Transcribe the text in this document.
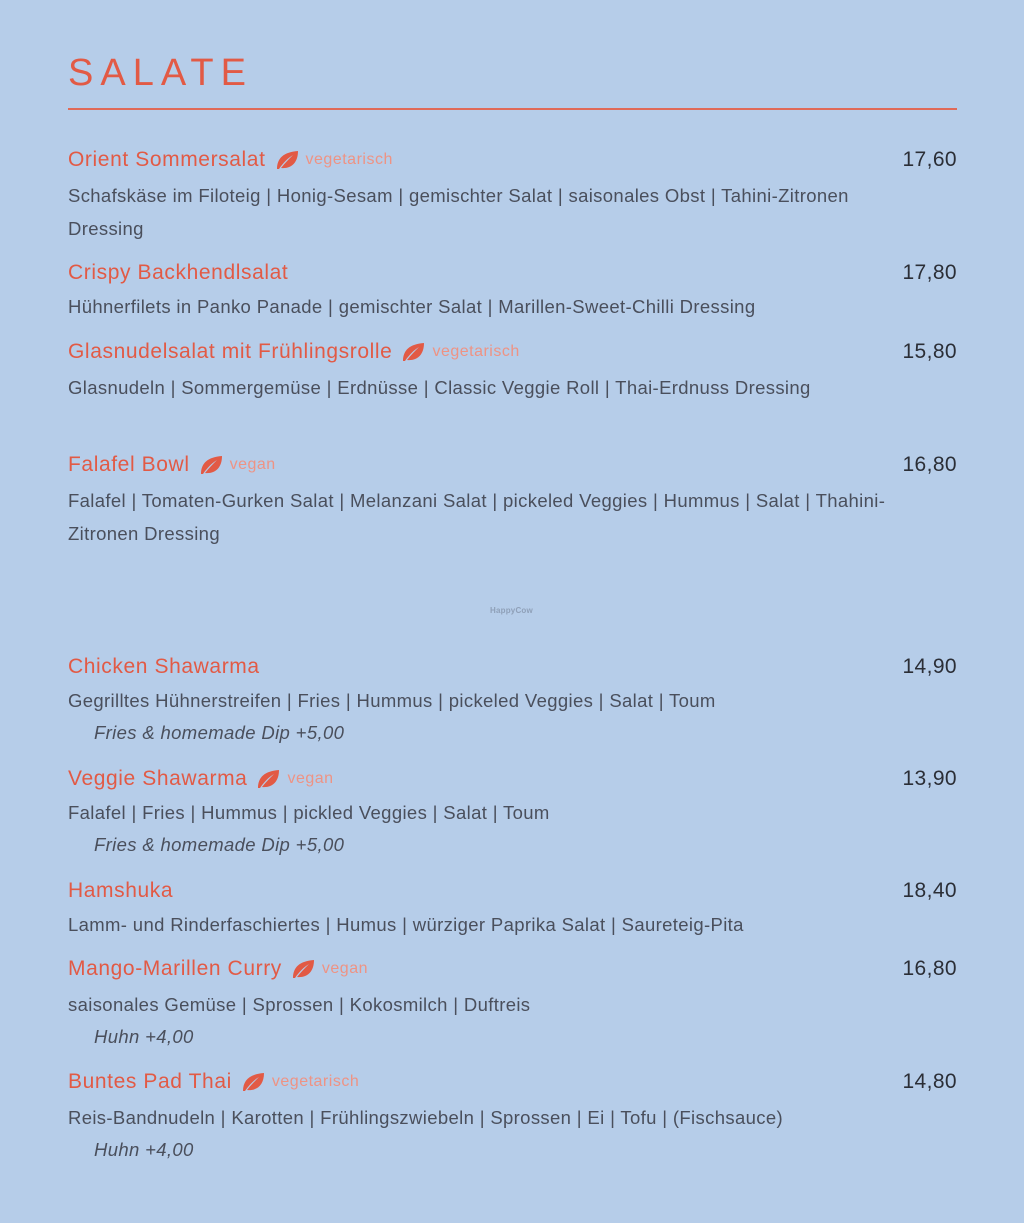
SALATE
Orient Sommersalat	vegetarisch	17,60
Schafskäse im Filoteig | Honig-Sesam | gemischter Salat | saisonales Obst | Tahini-Zitronen Dressing
Crispy Backhendlsalat	17,80
Hühnerfilets in Panko Panade | gemischter Salat | Marillen-Sweet-Chilli Dressing
Glasnudelsalat mit Frühlingsrolle	vegetarisch	15,80
Glasnudeln | Sommergemüse | Erdnüsse | Classic Veggie Roll | Thai-Erdnuss Dressing
Falafel Bowl	vegan	16,80
Falafel | Tomaten-Gurken Salat | Melanzani Salat | pickeled Veggies | Hummus | Salat | Thahini-Zitronen Dressing
HappyCow
Chicken Shawarma	14,90
Gegrilltes Hühnerstreifen | Fries | Hummus | pickeled Veggies | Salat | Toum
Fries & homemade Dip +5,00
Veggie Shawarma	vegan	13,90
Falafel | Fries | Hummus | pickled Veggies | Salat | Toum
Fries & homemade Dip +5,00
Hamshuka	18,40
Lamm- und Rinderfaschiertes | Humus | würziger Paprika Salat | Saureteig-Pita
Mango-Marillen Curry	vegan	16,80
saisonales Gemüse | Sprossen | Kokosmilch | Duftreis
Huhn +4,00
Buntes Pad Thai	vegetarisch	14,80
Reis-Bandnudeln | Karotten | Frühlingszwiebeln | Sprossen | Ei | Tofu | (Fischsauce)
Huhn +4,00
